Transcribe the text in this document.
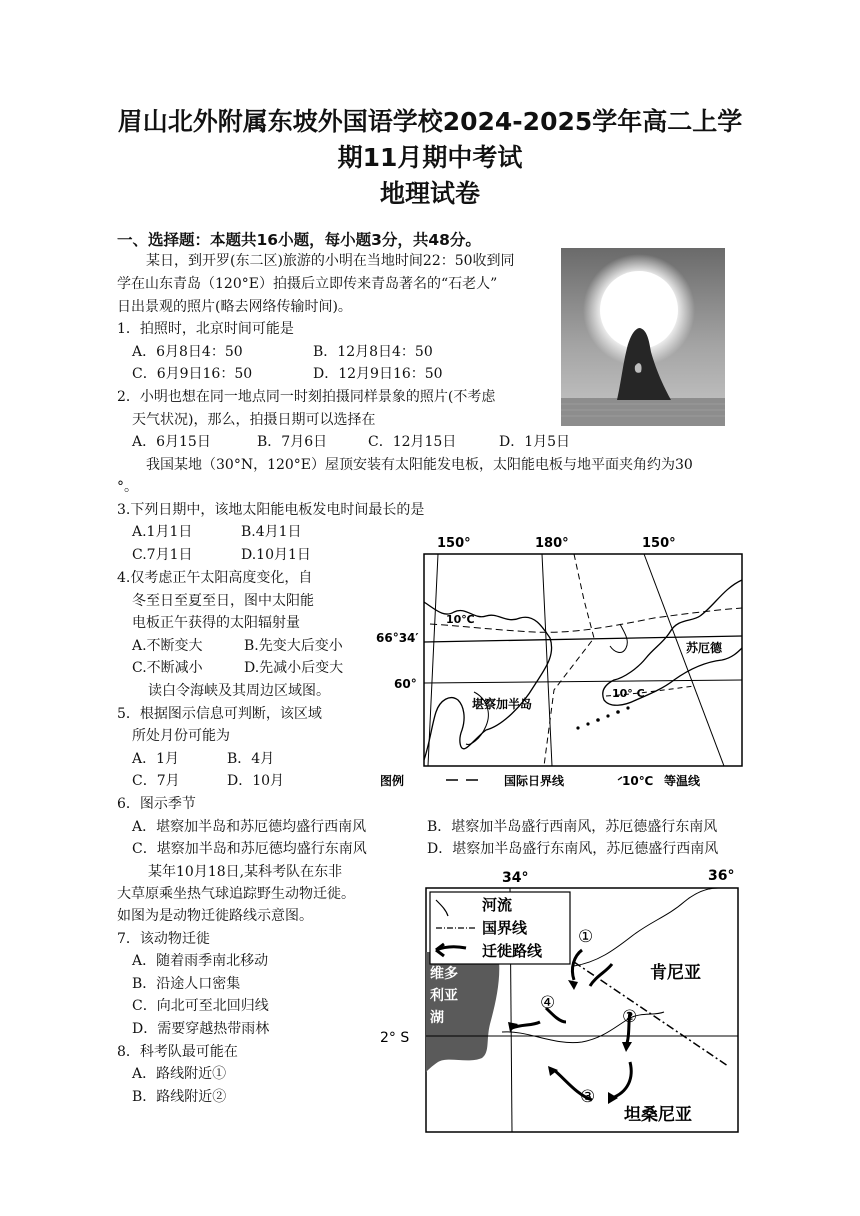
眉山北外附属东坡外国语学校2024-2025学年高二上学
期11月期中考试
地理试卷
一、选择题：本题共16小题，每小题3分，共48分。
某日，到开罗(东二区)旅游的小明在当地时间22：50收到同
学在山东青岛（120°E）拍摄后立即传来青岛著名的“石老人”
日出景观的照片(略去网络传输时间)。
1．拍照时，北京时间可能是
A．6月8日4：50	B．12月8日4：50
C．6月9日16：50	D．12月9日16：50
2．小明也想在同一地点同一时刻拍摄同样景象的照片(不考虑
天气状况)，那么，拍摄日期可以选择在
A．6月15日	B．7月6日	C．12月15日	D．1月5日
我国某地（30°N，120°E）屋顶安装有太阳能发电板，太阳能电板与地平面夹角约为30
°。
3.下列日期中，该地太阳能电板发电时间最长的是
A.1月1日	B.4月1日
C.7月1日	D.10月1日
4.仅考虑正午太阳高度变化，自
冬至日至夏至日，图中太阳能
电板正午获得的太阳辐射量
A.不断变大	B.先变大后变小
C.不断减小	D.先减小后变大
读白令海峡及其周边区域图。
5．根据图示信息可判断，该区域
所处月份可能为
A．1月	B．4月
C．7月	D．10月
6．图示季节
A．堪察加半岛和苏厄德均盛行西南风	B．堪察加半岛盛行西南风，苏厄德盛行东南风
C．堪察加半岛和苏厄德均盛行东南风	D．堪察加半岛盛行东南风，苏厄德盛行西南风
某年10月18日,某科考队在东非
大草原乘坐热气球追踪野生动物迁徙。
如图为是动物迁徙路线示意图。
7．该动物迁徙
A．随着雨季南北移动
B．沿途人口密集
C．向北可至北回归线
D．需要穿越热带雨林
8．科考队最可能在
A．路线附近①
B．路线附近②
150°	180°	150°
66°34′
60°
10℃
10° C
苏厄德
堪察加半岛
图例	国际日界线	10℃ 等温线
34°	36°
2° S
河流
国界线
迁徙路线
维多
利亚
湖
①
②
③
④
肯尼亚
坦桑尼亚
